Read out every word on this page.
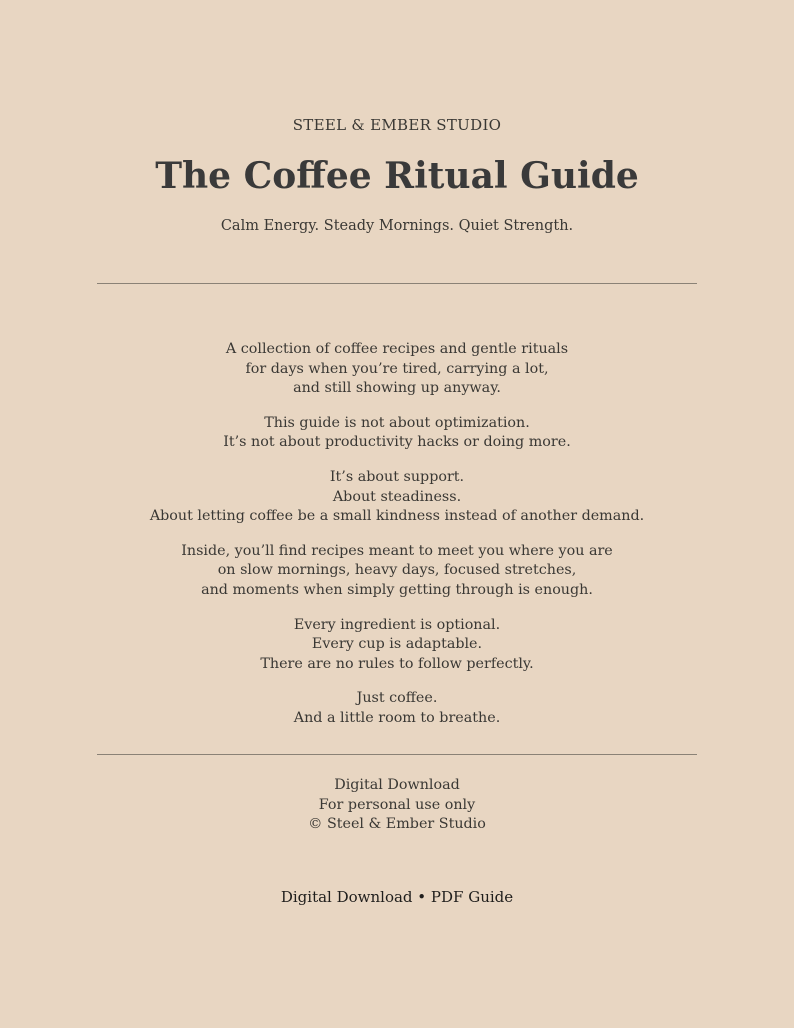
STEEL & EMBER STUDIO
The Coffee Ritual Guide
Calm Energy. Steady Mornings. Quiet Strength.

A collection of coffee recipes and gentle rituals
for days when you’re tired, carrying a lot,
and still showing up anyway.

This guide is not about optimization.
It’s not about productivity hacks or doing more.

It’s about support.
About steadiness.
About letting coffee be a small kindness instead of another demand.

Inside, you’ll find recipes meant to meet you where you are
on slow mornings, heavy days, focused stretches,
and moments when simply getting through is enough.

Every ingredient is optional.
Every cup is adaptable.
There are no rules to follow perfectly.

Just coffee.
And a little room to breathe.

Digital Download
For personal use only
© Steel & Ember Studio
Digital Download • PDF Guide
